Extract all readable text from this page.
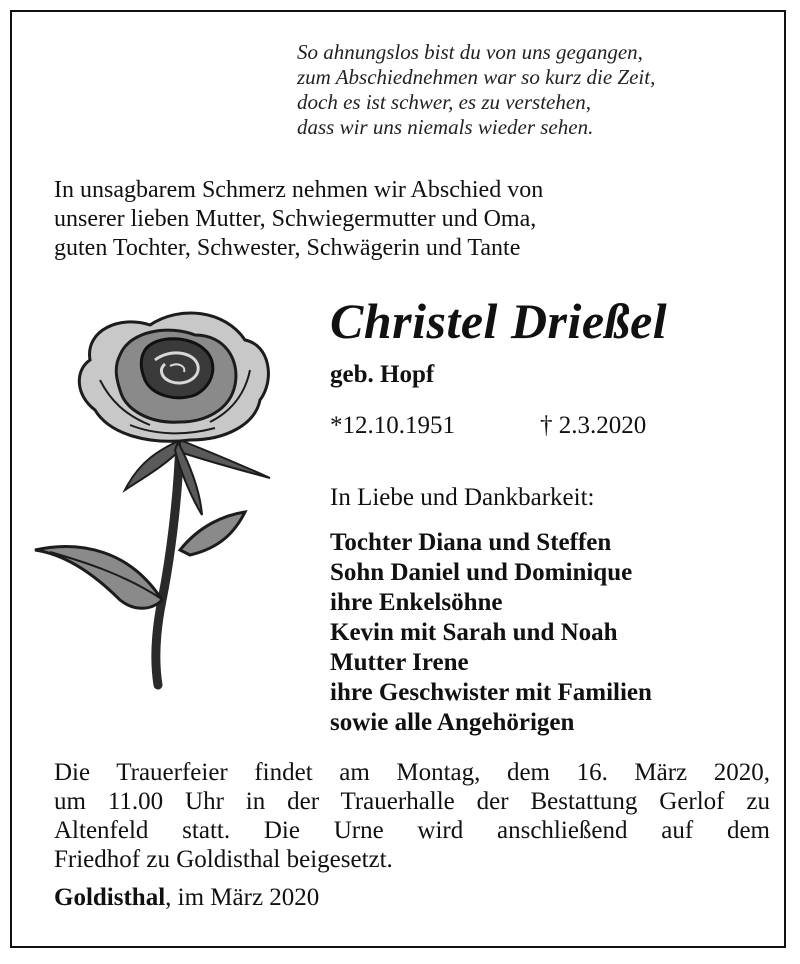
So ahnungslos bist du von uns gegangen,
zum Abschiednehmen war so kurz die Zeit,
doch es ist schwer, es zu verstehen,
dass wir uns niemals wieder sehen.
In unsagbarem Schmerz nehmen wir Abschied von
unserer lieben Mutter, Schwiegermutter und Oma,
guten Tochter, Schwester, Schwägerin und Tante
Christel Drießel
geb. Hopf
*12.10.1951	† 2.3.2020
In Liebe und Dankbarkeit:
Tochter Diana und Steffen
Sohn Daniel und Dominique
ihre Enkelsöhne
Kevin mit Sarah und Noah
Mutter Irene
ihre Geschwister mit Familien
sowie alle Angehörigen
Die Trauerfeier findet am Montag, dem 16. März 2020,
um 11.00 Uhr in der Trauerhalle der Bestattung Gerlof zu
Altenfeld statt. Die Urne wird anschließend auf dem
Friedhof zu Goldisthal beigesetzt.
Goldisthal, im März 2020
